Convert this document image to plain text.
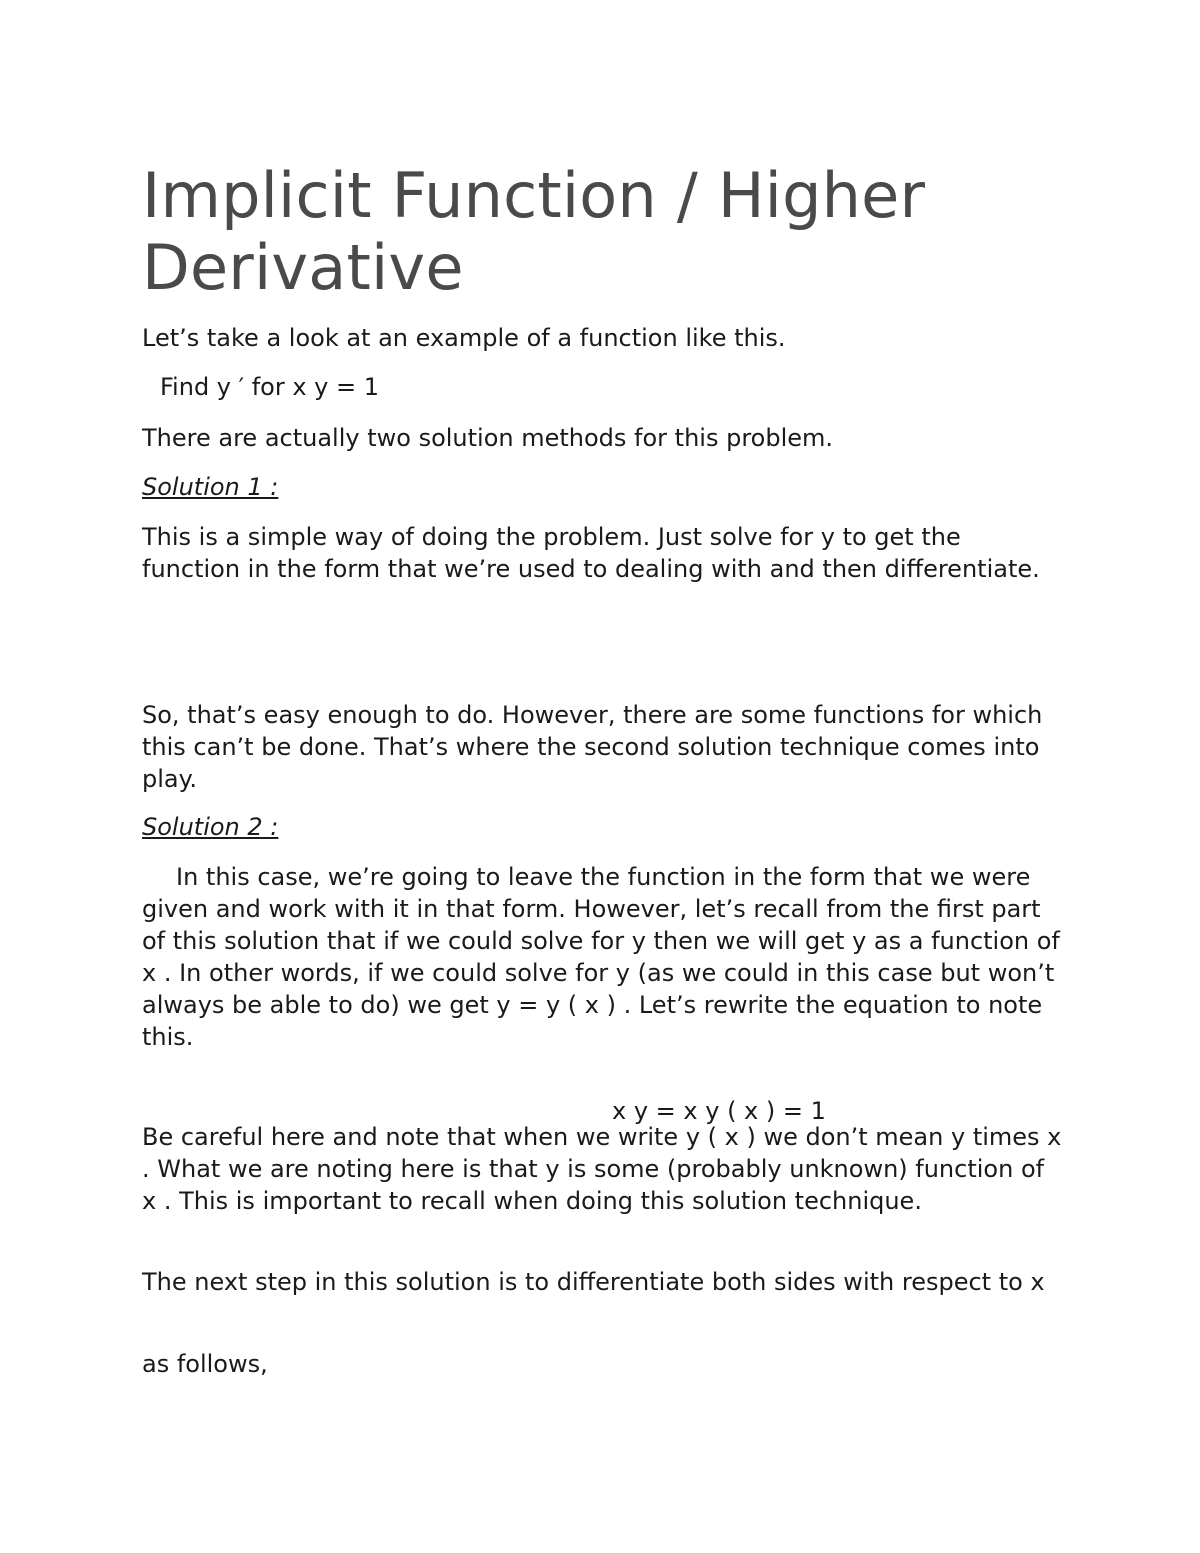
Implicit Function / Higher Derivative

Let’s take a look at an example of a function like this.

Find y ′ for x y = 1

There are actually two solution methods for this problem.

Solution 1 :

This is a simple way of doing the problem. Just solve for y to get the function in the form that we’re used to dealing with and then differentiate.

So, that’s easy enough to do. However, there are some functions for which this can’t be done. That’s where the second solution technique comes into play.

Solution 2 :

In this case, we’re going to leave the function in the form that we were given and work with it in that form. However, let’s recall from the first part of this solution that if we could solve for y then we will get y as a function of x . In other words, if we could solve for y (as we could in this case but won’t always be able to do) we get y = y ( x ) . Let’s rewrite the equation to note this.

x y = x y ( x ) = 1

Be careful here and note that when we write y ( x ) we don’t mean y times x . What we are noting here is that y is some (probably unknown) function of x . This is important to recall when doing this solution technique.

The next step in this solution is to differentiate both sides with respect to x

as follows,
